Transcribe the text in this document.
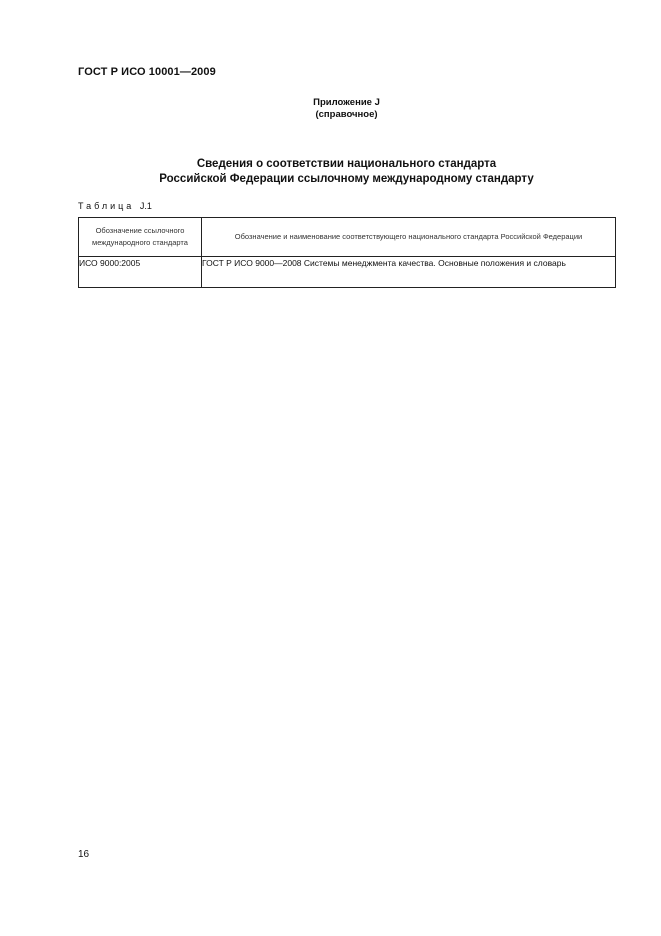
ГОСТ Р ИСО 10001—2009
Приложение J
(справочное)
Сведения о соответствии национального стандарта
Российской Федерации ссылочному международному стандарту
Таблица J.1
Обозначение ссылочного международного стандарта	Обозначение и наименование соответствующего национального стандарта Российской Федерации
ИСО 9000:2005	ГОСТ Р ИСО 9000—2008 Системы менеджмента качества. Основные положения и словарь
16
